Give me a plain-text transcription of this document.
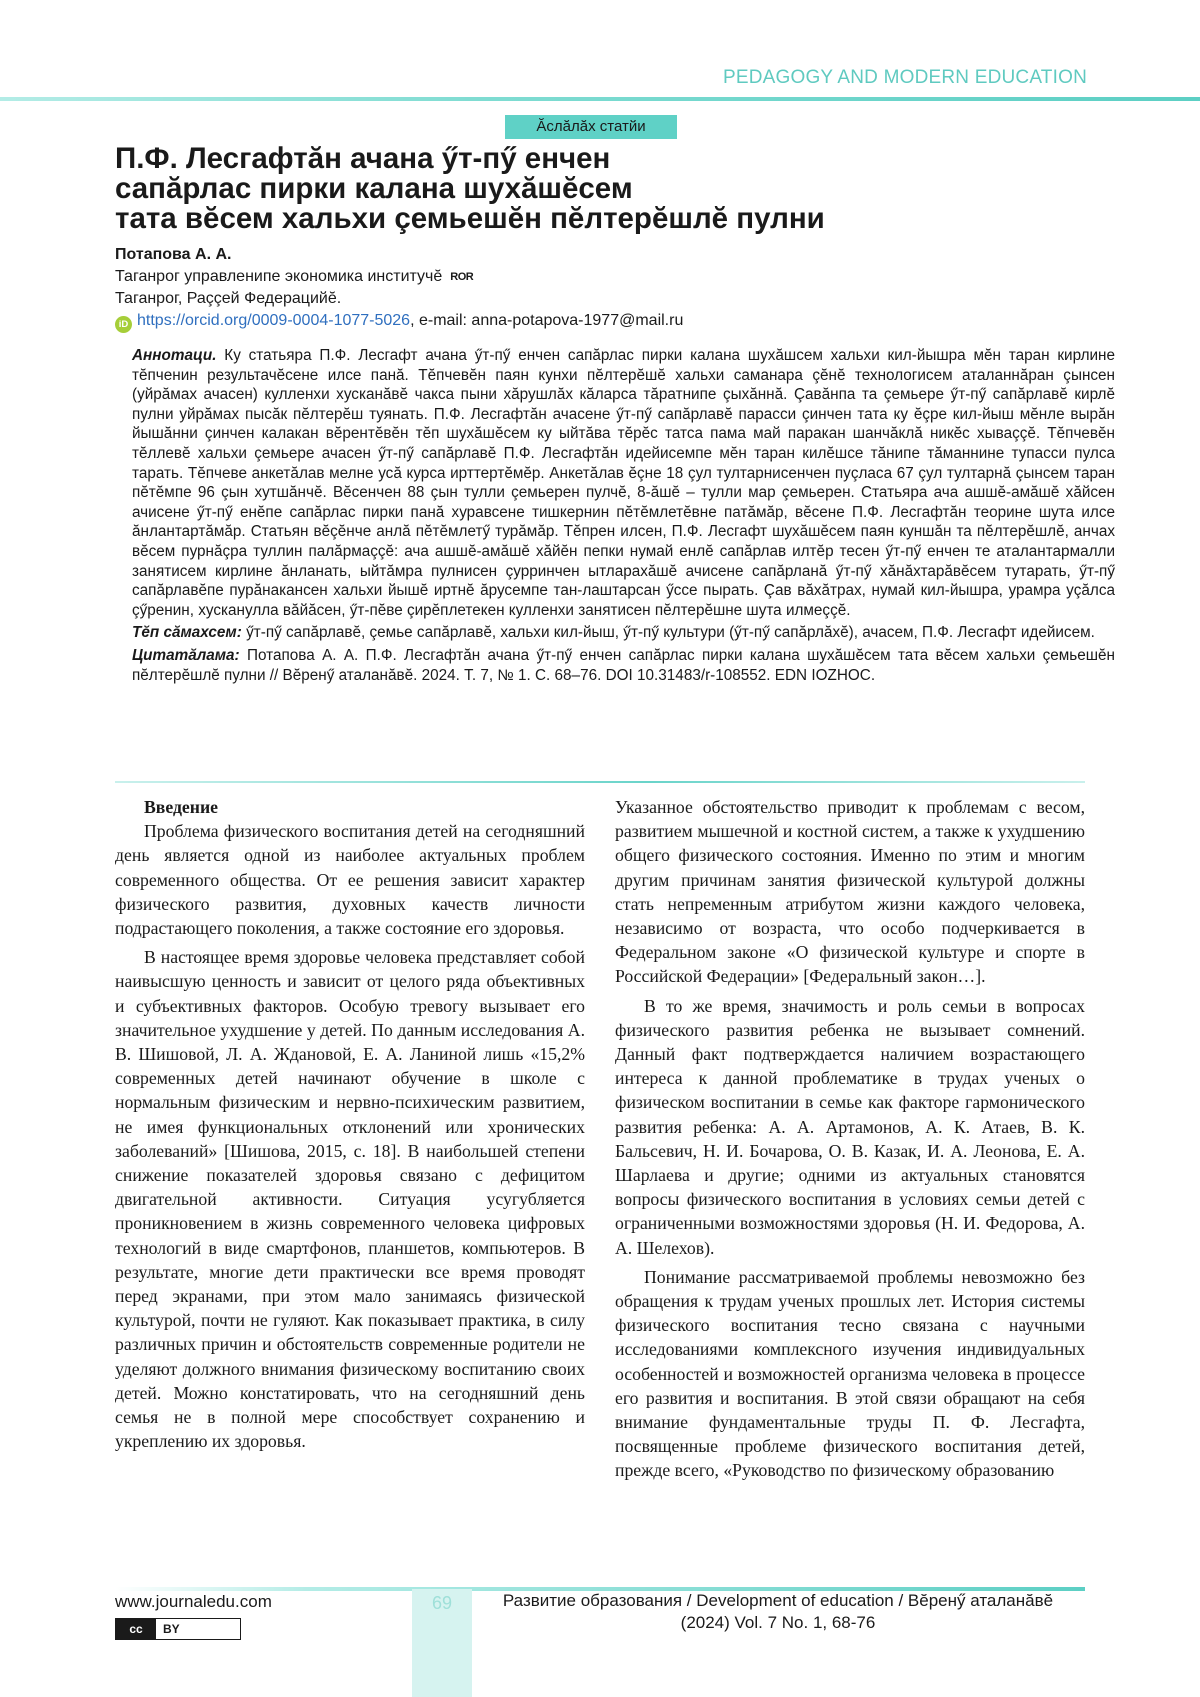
PEDAGOGY AND MODERN EDUCATION
Ăслăлăх статйи
П.Ф. Лесгафтăн ачана ӳт-пӳ енчен
сапăрлас пирки калана шухăшĕсем
тата вĕсем хальхи çемьешĕн пĕлтерĕшлĕ пулни
Потапова А. А.
Таганрог управленипе экономика институчĕ ROR
Таганрог, Раççей Федерацийĕ.
iD https://orcid.org/0009-0004-1077-5026, e-mail: anna-potapova-1977@mail.ru

Аннотаци. Ку статьяра П.Ф. Лесгафт ачана ӳт-пӳ енчен сапăрлас пирки калана шухăшсем хальхи кил-йышра мĕн таран кирлине тĕпченин результачĕсене илсе панă. Тĕпчевĕн паян кунхи пĕлтерĕшĕ хальхи саманара çĕнĕ технологисем аталаннăран çынсен (уйрăмах ачасен) кулленхи хусканăвĕ чакса пыни хăрушлăх кăларса тăратнипе çыхăннă. Çавăнпа та çемьере ӳт-пӳ сапăрлавĕ кирлĕ пулни уйрăмах пысăк пĕлтерĕш туянать. П.Ф. Лесгафтăн ачасене ӳт-пӳ сапăрлавĕ парасси çинчен тата ку ĕçре кил-йыш мĕнле вырăн йышăнни çинчен калакан вĕрентĕвĕн тĕп шухăшĕсем ку ыйтăва тĕрĕс татса пама май паракан шанчăклă никĕс хываççĕ. Тĕпчевĕн тĕллевĕ хальхи çемьере ачасен ӳт-пӳ сапăрлавĕ П.Ф. Лесгафтăн идейисемпе мĕн таран килĕшсе тăнипе тăманнине тупасси пулса тарать. Тĕпчеве анкетăлав мелне усă курса ирттертĕмĕр. Анкетăлав ĕçне 18 çул тултарнисенчен пуçласа 67 çул тултарнă çынсем таран пĕтĕмпе 96 çын хутшăнчĕ. Вĕсенчен 88 çын тулли çемьерен пулчĕ, 8-ăшĕ – тулли мар çемьерен. Статьяра ача ашшĕ-амăшĕ хăйсен ачисене ӳт-пӳ енĕпе сапăрлас пирки панă хуравсене тишкернин пĕтĕмлетĕвне патăмăр, вĕсене П.Ф. Лесгафтăн теорине шута илсе ăнлантартăмăр. Статьян вĕçĕнче анлă пĕтĕмлетӳ турăмăр. Тĕпрен илсен, П.Ф. Лесгафт шухăшĕсем паян куншăн та пĕлтерĕшлĕ, анчах вĕсем пурнăçра туллин палăрмаççĕ: ача ашшĕ-амăшĕ хăйĕн пепки нумай енлĕ сапăрлав илтĕр тесен ӳт-пӳ енчен те аталантармалли занятисем кирлине ăнланать, ыйтăмра пулнисен çурринчен ытларахăшĕ ачисене сапăрланă ӳт-пӳ хăнăхтарăвĕсем тутарать, ӳт-пӳ сапăрлавĕпе пурăнакансен хальхи йышĕ иртнĕ ăрусемпе тан-лаштарсан ӳссе пырать. Çав вăхăтрах, нумай кил-йышра, урамра уçăлса çӳренин, хусканулла вăйăсен, ӳт-пĕве çирĕплетекен кулленхи занятисен пĕлтерĕшне шута илмеççĕ.

Тĕп сăмахсем: ӳт-пӳ сапăрлавĕ, çемье сапăрлавĕ, хальхи кил-йыш, ӳт-пӳ культури (ӳт-пӳ сапăрлăхĕ), ачасем, П.Ф. Лесгафт идейисем.

Цитатăлама: Потапова А. А. П.Ф. Лесгафтăн ачана ӳт-пӳ енчен сапăрлас пирки калана шухăшĕсем тата вĕсем хальхи çемьешĕн пĕлтерĕшлĕ пулни // Вĕренӳ аталанăвĕ. 2024. Т. 7, № 1. С. 68–76. DOI 10.31483/r-108552. EDN IOZHOC.

Введение

Проблема физического воспитания детей на сегодняшний день является одной из наиболее актуальных проблем современного общества. От ее решения зависит характер физического развития, духовных качеств личности подрастающего поколения, а также состояние его здоровья.

В настоящее время здоровье человека представляет собой наивысшую ценность и зависит от целого ряда объективных и субъективных факторов. Особую тревогу вызывает его значительное ухудшение у детей. По данным исследования А. В. Шишовой, Л. А. Ждановой, Е. А. Ланиной лишь «15,2% современных детей начинают обучение в школе с нормальным физическим и нервно-психическим развитием, не имея функциональных отклонений или хронических заболеваний» [Шишова, 2015, с. 18]. В наибольшей степени снижение показателей здоровья связано с дефицитом двигательной активности. Ситуация усугубляется проникновением в жизнь современного человека цифровых технологий в виде смартфонов, планшетов, компьютеров. В результате, многие дети практически все время проводят перед экранами, при этом мало занимаясь физической культурой, почти не гуляют. Как показывает практика, в силу различных причин и обстоятельств современные родители не уделяют должного внимания физическому воспитанию своих детей. Можно констатировать, что на сегодняшний день семья не в полной мере способствует сохранению и укреплению их здоровья.

Указанное обстоятельство приводит к проблемам с весом, развитием мышечной и костной систем, а также к ухудшению общего физического состояния. Именно по этим и многим другим причинам занятия физической культурой должны стать непременным атрибутом жизни каждого человека, независимо от возраста, что особо подчеркивается в Федеральном законе «О физической культуре и спорте в Российской Федерации» [Федеральный закон…].

В то же время, значимость и роль семьи в вопросах физического развития ребенка не вызывает сомнений. Данный факт подтверждается наличием возрастающего интереса к данной проблематике в трудах ученых о физическом воспитании в семье как факторе гармонического развития ребенка: А. А. Артамонов, А. К. Атаев, В. К. Бальсевич, Н. И. Бочарова, О. В. Казак, И. А. Леонова, Е. А. Шарлаева и другие; одними из актуальных становятся вопросы физического воспитания в условиях семьи детей с ограниченными возможностями здоровья (Н. И. Федорова, А. А. Шелехов).

Понимание рассматриваемой проблемы невозможно без обращения к трудам ученых прошлых лет. История системы физического воспитания тесно связана с научными исследованиями комплексного изучения индивидуальных особенностей и возможностей организма человека в процессе его развития и воспитания. В этой связи обращают на себя внимание фундаментальные труды П. Ф. Лесгафта, посвященные проблеме физического воспитания детей, прежде всего, «Руководство по физическому образованию

69
www.journaledu.com
cc	BY
Развитие образования / Development of education / Вĕренӳ аталанăвĕ
(2024) Vol. 7 No. 1, 68-76
